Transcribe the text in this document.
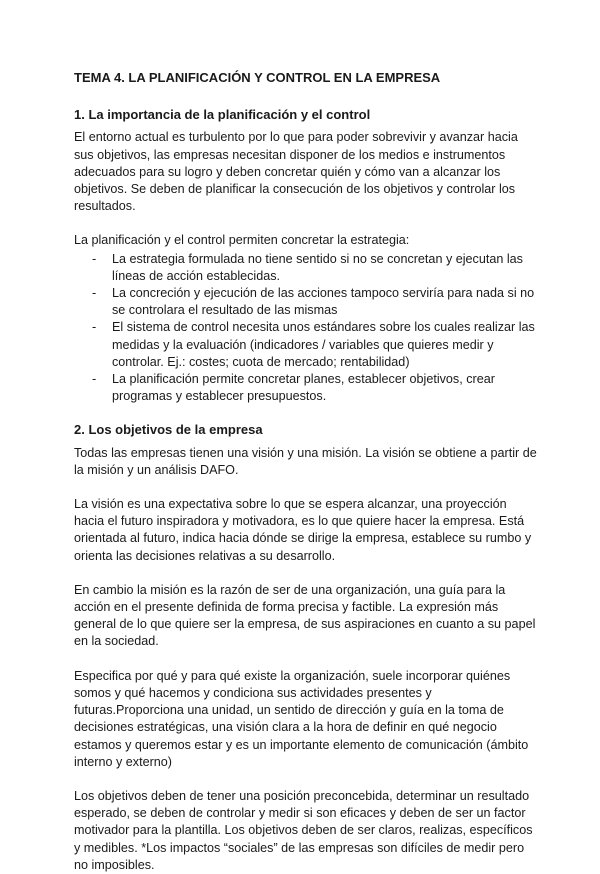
TEMA 4. LA PLANIFICACIÓN Y CONTROL EN LA EMPRESA
1. La importancia de la planificación y el control

El entorno actual es turbulento por lo que para poder sobrevivir y avanzar hacia sus objetivos, las empresas necesitan disponer de los medios e instrumentos adecuados para su logro y deben concretar quién y cómo van a alcanzar los objetivos. Se deben de planificar la consecución de los objetivos y controlar los resultados.

La planificación y el control permiten concretar la estrategia:

- La estrategia formulada no tiene sentido si no se concretan y ejecutan las líneas de acción establecidas.
- La concreción y ejecución de las acciones tampoco serviría para nada si no se controlara el resultado de las mismas
- El sistema de control necesita unos estándares sobre los cuales realizar las medidas y la evaluación (indicadores / variables que quieres medir y controlar. Ej.: costes; cuota de mercado; rentabilidad)
- La planificación permite concretar planes, establecer objetivos, crear programas y establecer presupuestos.
2. Los objetivos de la empresa

Todas las empresas tienen una visión y una misión. La visión se obtiene a partir de la misión y un análisis DAFO.

La visión es una expectativa sobre lo que se espera alcanzar, una proyección hacia el futuro inspiradora y motivadora, es lo que quiere hacer la empresa. Está orientada al futuro, indica hacia dónde se dirige la empresa, establece su rumbo y orienta las decisiones relativas a su desarrollo.

En cambio la misión es la razón de ser de una organización, una guía para la acción en el presente definida de forma precisa y factible. La expresión más general de lo que quiere ser la empresa, de sus aspiraciones en cuanto a su papel en la sociedad.

Especifica por qué y para qué existe la organización, suele incorporar quiénes somos y qué hacemos y condiciona sus actividades presentes y futuras.Proporciona una unidad, un sentido de dirección y guía en la toma de decisiones estratégicas, una visión clara a la hora de definir en qué negocio estamos y queremos estar y es un importante elemento de comunicación (ámbito interno y externo)

Los objetivos deben de tener una posición preconcebida, determinar un resultado esperado, se deben de controlar y medir si son eficaces y deben de ser un factor motivador para la plantilla. Los objetivos deben de ser claros, realizas, específicos y medibles. *Los impactos “sociales” de las empresas son difíciles de medir pero no imposibles.
